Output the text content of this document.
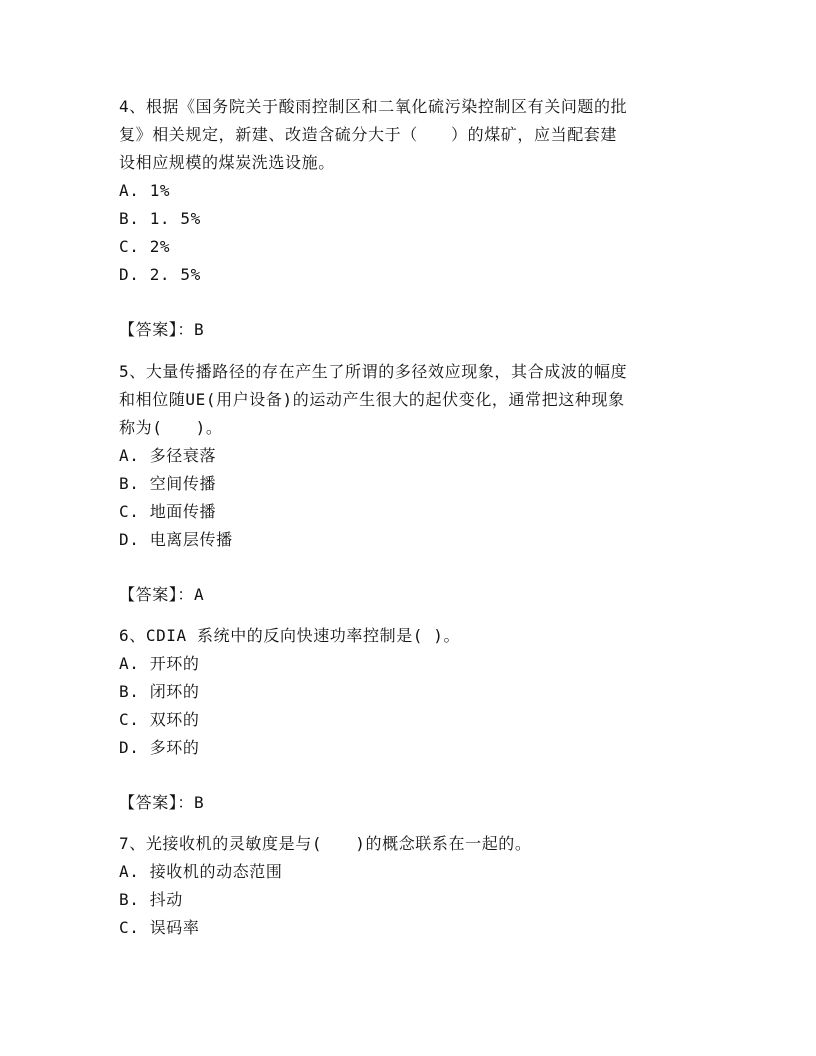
4、根据《国务院关于酸雨控制区和二氧化硫污染控制区有关问题的批
复》相关规定，新建、改造含硫分大于（　　）的煤矿，应当配套建
设相应规模的煤炭洗选设施。
A. 1%
B. 1. 5%
C. 2%
D. 2. 5%
【答案】：B
5、大量传播路径的存在产生了所谓的多径效应现象，其合成波的幅度
和相位随UE(用户设备)的运动产生很大的起伏变化，通常把这种现象
称为(　　)。
A. 多径衰落
B. 空间传播
C. 地面传播
D. 电离层传播
【答案】：A
6、CDIA 系统中的反向快速功率控制是( )。
A. 开环的
B. 闭环的
C. 双环的
D. 多环的
【答案】：B
7、光接收机的灵敏度是与(　　)的概念联系在一起的。
A. 接收机的动态范围
B. 抖动
C. 误码率
